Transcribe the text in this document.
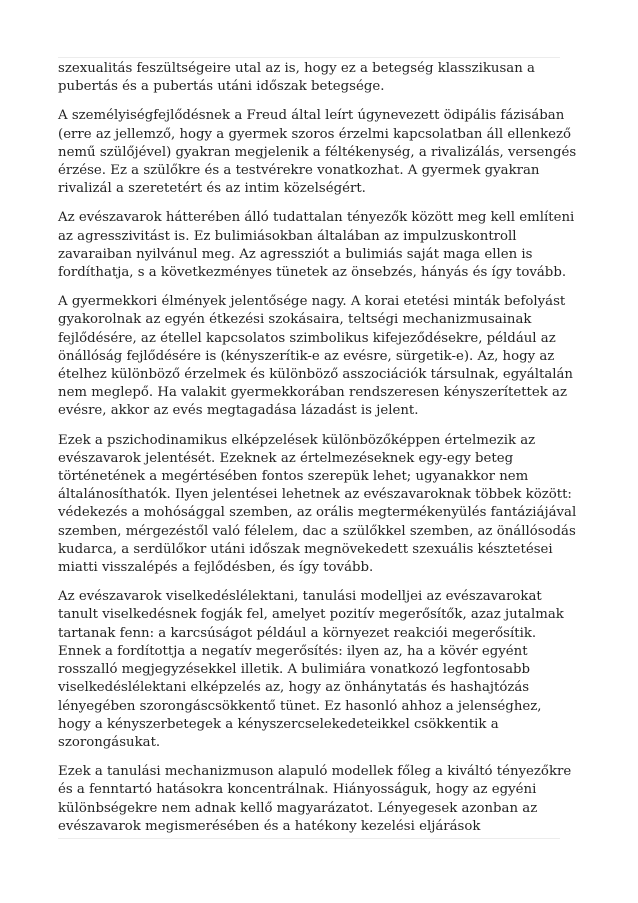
szexualitás feszültségeire utal az is, hogy ez a betegség klasszikusan a
pubertás és a pubertás utáni időszak betegsége.

A személyiségfejlődésnek a Freud által leírt úgynevezett ödipális fázisában
(erre az jellemző, hogy a gyermek szoros érzelmi kapcsolatban áll ellenkező
nemű szülőjével) gyakran megjelenik a féltékenység, a rivalizálás, versengés
érzése. Ez a szülőkre és a testvérekre vonatkozhat. A gyermek gyakran
rivalizál a szeretetért és az intim közelségért.

Az evészavarok hátterében álló tudattalan tényezők között meg kell említeni
az agresszivitást is. Ez bulimiásokban általában az impulzuskontroll
zavaraiban nyilvánul meg. Az agressziót a bulimiás saját maga ellen is
fordíthatja, s a következményes tünetek az önsebzés, hányás és így tovább.

A gyermekkori élmények jelentősége nagy. A korai etetési minták befolyást
gyakorolnak az egyén étkezési szokásaira, teltségi mechanizmusainak
fejlődésére, az étellel kapcsolatos szimbolikus kifejeződésekre, például az
önállóság fejlődésére is (kényszerítik-e az evésre, sürgetik-e). Az, hogy az
ételhez különböző érzelmek és különböző asszociációk társulnak, egyáltalán
nem meglepő. Ha valakit gyermekkorában rendszeresen kényszerítettek az
evésre, akkor az evés megtagadása lázadást is jelent.

Ezek a pszichodinamikus elképzelések különbözőképpen értelmezik az
evészavarok jelentését. Ezeknek az értelmezéseknek egy-egy beteg
történetének a megértésében fontos szerepük lehet; ugyanakkor nem
általánosíthatók. Ilyen jelentései lehetnek az evészavaroknak többek között:
védekezés a mohósággal szemben, az orális megtermékenyülés fantáziájával
szemben, mérgezéstől való félelem, dac a szülőkkel szemben, az önállósodás
kudarca, a serdülőkor utáni időszak megnövekedett szexuális késztetései
miatti visszalépés a fejlődésben, és így tovább.

Az evészavarok viselkedéslélektani, tanulási modelljei az evészavarokat
tanult viselkedésnek fogják fel, amelyet pozitív megerősítők, azaz jutalmak
tartanak fenn: a karcsúságot például a környezet reakciói megerősítik.
Ennek a fordítottja a negatív megerősítés: ilyen az, ha a kövér egyént
rosszalló megjegyzésekkel illetik. A bulimiára vonatkozó legfontosabb
viselkedéslélektani elképzelés az, hogy az önhánytatás és hashajtózás
lényegében szorongáscsökkentő tünet. Ez hasonló ahhoz a jelenséghez,
hogy a kényszerbetegek a kényszercselekedeteikkel csökkentik a
szorongásukat.

Ezek a tanulási mechanizmuson alapuló modellek főleg a kiváltó tényezőkre
és a fenntartó hatásokra koncentrálnak. Hiányosságuk, hogy az egyéni
különbségekre nem adnak kellő magyarázatot. Lényegesek azonban az
evészavarok megismerésében és a hatékony kezelési eljárások
